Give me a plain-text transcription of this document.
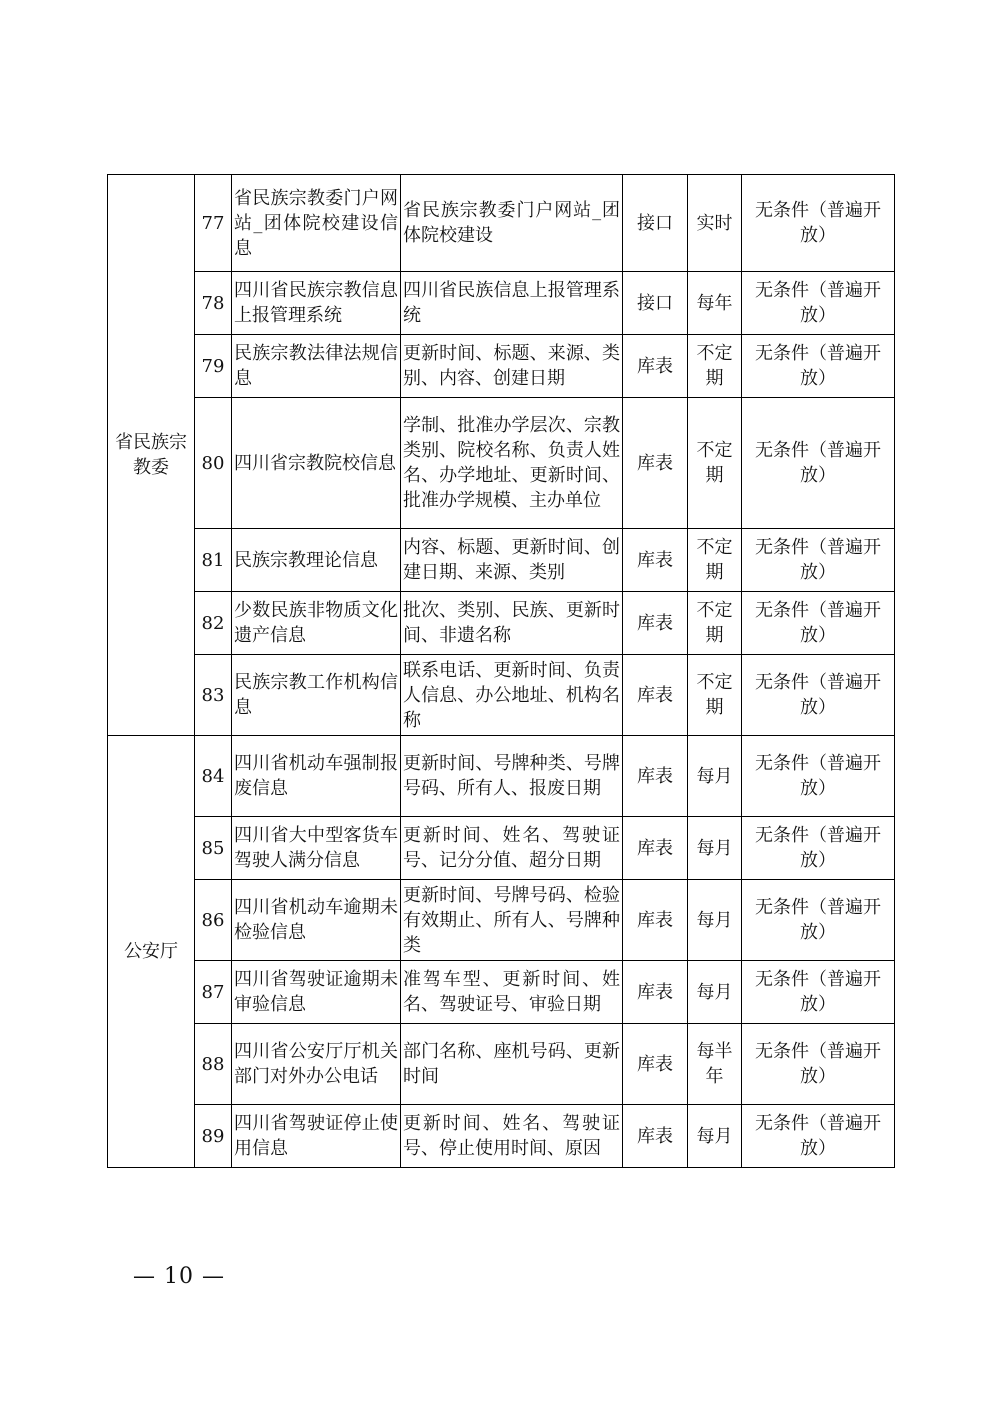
省民族宗教委	77	省民族宗教委门户网站_团体院校建设信息	省民族宗教委门户网站_团体院校建设	接口	实时	无条件（普遍开放）
	78	四川省民族宗教信息上报管理系统	四川省民族信息上报管理系统	接口	每年	无条件（普遍开放）
	79	民族宗教法律法规信息	更新时间、标题、来源、类别、内容、创建日期	库表	不定期	无条件（普遍开放）
	80	四川省宗教院校信息	学制、批准办学层次、宗教类别、院校名称、负责人姓名、办学地址、更新时间、批准办学规模、主办单位	库表	不定期	无条件（普遍开放）
	81	民族宗教理论信息	内容、标题、更新时间、创建日期、来源、类别	库表	不定期	无条件（普遍开放）
	82	少数民族非物质文化遗产信息	批次、类别、民族、更新时间、非遗名称	库表	不定期	无条件（普遍开放）
	83	民族宗教工作机构信息	联系电话、更新时间、负责人信息、办公地址、机构名称	库表	不定期	无条件（普遍开放）
公安厅	84	四川省机动车强制报废信息	更新时间、号牌种类、号牌号码、所有人、报废日期	库表	每月	无条件（普遍开放）
	85	四川省大中型客货车驾驶人满分信息	更新时间、姓名、驾驶证号、记分分值、超分日期	库表	每月	无条件（普遍开放）
	86	四川省机动车逾期未检验信息	更新时间、号牌号码、检验有效期止、所有人、号牌种类	库表	每月	无条件（普遍开放）
	87	四川省驾驶证逾期未审验信息	准驾车型、更新时间、姓名、驾驶证号、审验日期	库表	每月	无条件（普遍开放）
	88	四川省公安厅厅机关部门对外办公电话	部门名称、座机号码、更新时间	库表	每半年	无条件（普遍开放）
	89	四川省驾驶证停止使用信息	更新时间、姓名、驾驶证号、停止使用时间、原因	库表	每月	无条件（普遍开放）
— 10 —
